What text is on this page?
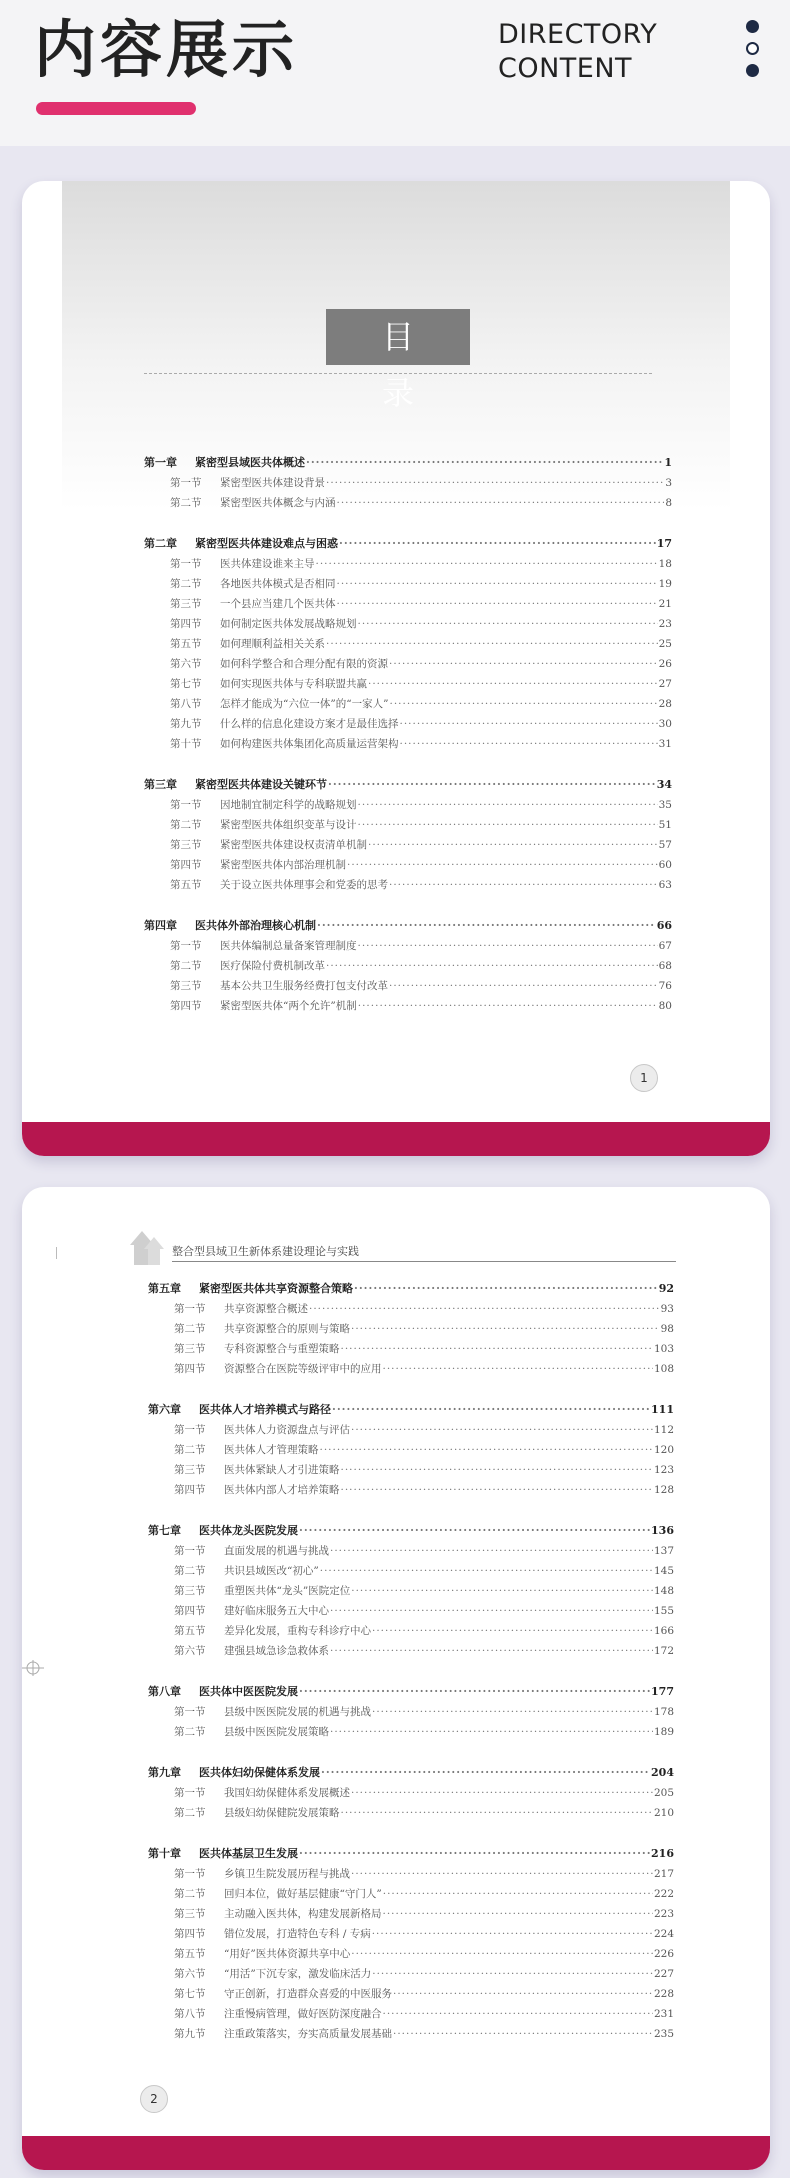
内容展示	DIRECTORY
CONTENT
目 录
第一章	紧密型县域医共体概述 ·····	1
第一节	紧密型医共体建设背景 ·····	3
第二节	紧密型医共体概念与内涵 ·····	8
第二章	紧密型医共体建设难点与困惑 ·····	17
第一节	医共体建设谁来主导 ·····	18
第二节	各地医共体模式是否相同 ·····	19
第三节	一个县应当建几个医共体 ·····	21
第四节	如何制定医共体发展战略规划 ·····	23
第五节	如何理顺利益相关关系 ·····	25
第六节	如何科学整合和合理分配有限的资源 ·····	26
第七节	如何实现医共体与专科联盟共赢 ·····	27
第八节	怎样才能成为“六位一体”的“一家人” ·····	28
第九节	什么样的信息化建设方案才是最佳选择 ·····	30
第十节	如何构建医共体集团化高质量运营架构 ·····	31
第三章	紧密型医共体建设关键环节 ·····	34
第一节	因地制宜制定科学的战略规划 ·····	35
第二节	紧密型医共体组织变革与设计 ·····	51
第三节	紧密型医共体建设权责清单机制 ·····	57
第四节	紧密型医共体内部治理机制 ·····	60
第五节	关于设立医共体理事会和党委的思考 ·····	63
第四章	医共体外部治理核心机制 ·····	66
第一节	医共体编制总量备案管理制度 ·····	67
第二节	医疗保险付费机制改革 ·····	68
第三节	基本公共卫生服务经费打包支付改革 ·····	76
第四节	紧密型医共体“两个允许”机制 ·····	80
1
整合型县域卫生新体系建设理论与实践
第五章	紧密型医共体共享资源整合策略 ·····	92
第一节	共享资源整合概述 ·····	93
第二节	共享资源整合的原则与策略 ·····	98
第三节	专科资源整合与重塑策略 ·····	103
第四节	资源整合在医院等级评审中的应用 ·····	108
第六章	医共体人才培养模式与路径 ·····	111
第一节	医共体人力资源盘点与评估 ·····	112
第二节	医共体人才管理策略 ·····	120
第三节	医共体紧缺人才引进策略 ·····	123
第四节	医共体内部人才培养策略 ·····	128
第七章	医共体龙头医院发展 ·····	136
第一节	直面发展的机遇与挑战 ·····	137
第二节	共识县域医改“初心” ·····	145
第三节	重塑医共体“龙头”医院定位 ·····	148
第四节	建好临床服务五大中心 ·····	155
第五节	差异化发展，重构专科诊疗中心 ·····	166
第六节	建强县域急诊急救体系 ·····	172
第八章	医共体中医医院发展 ·····	177
第一节	县级中医医院发展的机遇与挑战 ·····	178
第二节	县级中医医院发展策略 ·····	189
第九章	医共体妇幼保健体系发展 ·····	204
第一节	我国妇幼保健体系发展概述 ·····	205
第二节	县级妇幼保健院发展策略 ·····	210
第十章	医共体基层卫生发展 ·····	216
第一节	乡镇卫生院发展历程与挑战 ·····	217
第二节	回归本位，做好基层健康“守门人” ·····	222
第三节	主动融入医共体，构建发展新格局 ·····	223
第四节	错位发展，打造特色专科 / 专病 ·····	224
第五节	“用好”医共体资源共享中心 ·····	226
第六节	“用活”下沉专家，激发临床活力 ·····	227
第七节	守正创新，打造群众喜爱的中医服务 ·····	228
第八节	注重慢病管理，做好医防深度融合 ·····	231
第九节	注重政策落实，夯实高质量发展基础 ·····	235
2
